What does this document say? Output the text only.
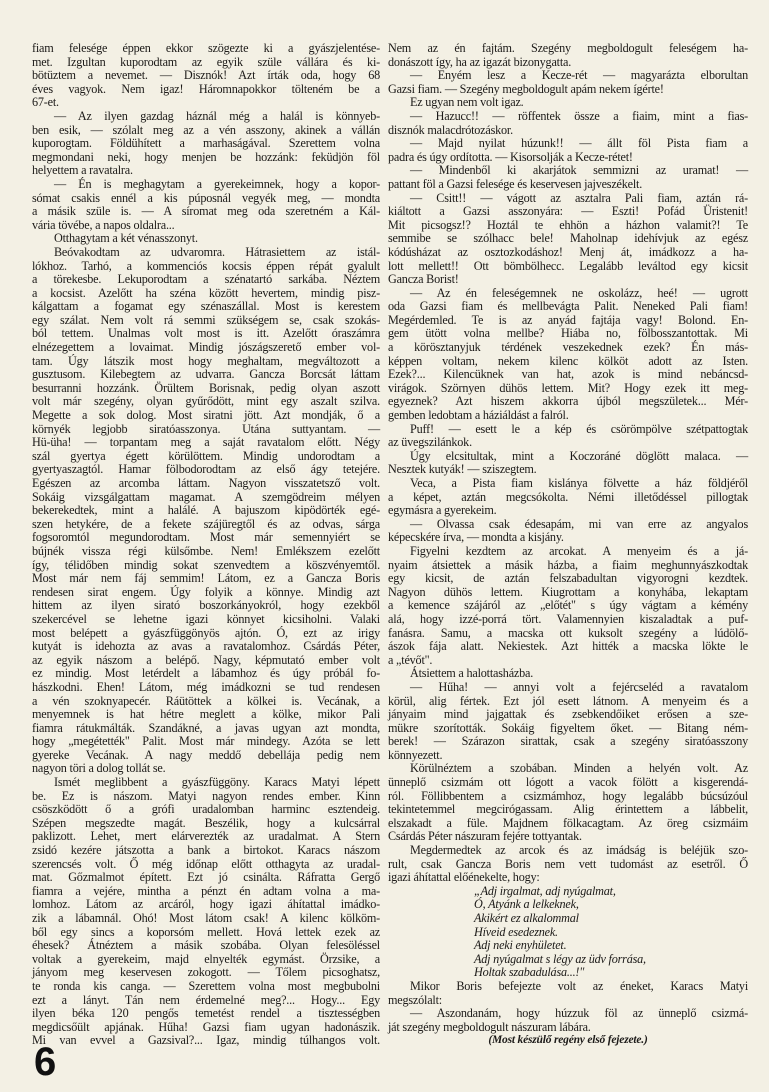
fiam felesége éppen ekkor szögezte ki a gyászjelentése-
met. Izgultan kuporodtam az egyik szüle vállára és ki-
bötüztem a nevemet. — Disznók! Azt írták oda, hogy 68
éves vagyok. Nem igaz! Háromnapokkor tölteném be a
67-et.
— Az ilyen gazdag háznál még a halál is könnyeb-
ben esik, — szólalt meg az a vén asszony, akinek a vállán
kuporogtam. Földühített a marhaságával. Szerettem volna
megmondani neki, hogy menjen be hozzánk: feküdjön föl
helyettem a ravatalra.
— Én is meghagytam a gyerekeimnek, hogy a kopor-
sómat csakis ennél a kis púposnál vegyék meg, — mondta
a másik szüle is. — A síromat meg oda szeretném a Kál-
vária tövébe, a napos oldalra...
Otthagytam a két vénasszonyt.
Beóvakodtam az udvaromra. Hátrasiettem az istál-
lókhoz. Tarhó, a kommenciós kocsis éppen répát gyalult
a törekesbe. Lekuporodtam a szénatartó sarkába. Néztem
a kocsist. Azelőtt ha széna között hevertem, mindig pisz-
kálgattam a fogamat egy szénaszállal. Most is kerestem
egy szálat. Nem volt rá semmi szükségem se, csak szokás-
ból tettem. Unalmas volt most is itt. Azelőtt óraszámra
elnézegettem a lovaimat. Mindig jószágszerető ember vol-
tam. Úgy látszik most hogy meghaltam, megváltozott a
gusztusom. Kilebegtem az udvarra. Gancza Borcsát láttam
besurranni hozzánk. Örültem Borisnak, pedig olyan aszott
volt már szegény, olyan gyűrődött, mint egy aszalt szilva.
Megette a sok dolog. Most siratni jött. Azt mondják, ő a
környék legjobb siratóasszonya. Utána suttyantam. —
Hü-üha! — torpantam meg a saját ravatalom előtt. Négy
szál gyertya égett körülöttem. Mindig undorodtam a
gyertyaszagtól. Hamar fölbodorodtam az első ágy tetejére.
Egészen az arcomba láttam. Nagyon visszatetsző volt.
Sokáig vizsgálgattam magamat. A szemgödreim mélyen
bekerekedtek, mint a halálé. A bajuszom kipödörték egé-
szen hetykére, de a fekete szájüregtől és az odvas, sárga
fogsoromtól megundorodtam. Most már semennyiért se
bújnék vissza régi külsőmbe. Nem! Emlékszem ezelőtt
így, télidőben mindig sokat szenvedtem a köszvényemtől.
Most már nem fáj semmim! Látom, ez a Gancza Boris
rendesen sirat engem. Úgy folyik a könnye. Mindig azt
hittem az ilyen sirató boszorkányokról, hogy ezekből
szekercével se lehetne igazi könnyet kicsiholni. Valaki
most belépett a gyászfüggönyös ajtón. Ó, ezt az irigy
kutyát is idehozta az avas a ravatalomhoz. Csárdás Péter,
az egyik nászom a belépő. Nagy, képmutató ember volt
ez mindig. Most letérdelt a lábamhoz és úgy próbál fo-
hászkodni. Ehen! Látom, még imádkozni se tud rendesen
a vén szoknyapecér. Ráütöttek a kölkei is. Vecának, a
menyemnek is hat hétre meglett a kölke, mikor Pali
fiamra rátukmálták. Szandákné, a javas ugyan azt mondta,
hogy „megétették" Palit. Most már mindegy. Azóta se lett
gyereke Vecának. A nagy meddő debellája pedig nem
nagyon töri a dolog tollát se.
Ismét meglibbent a gyászfüggöny. Karacs Matyi lépett
be. Ez is nászom. Matyi nagyon rendes ember. Kinn
csöszködött ő a grófi uradalomban harminc esztendeig.
Szépen megszedte magát. Beszélik, hogy a kulcsárral
paklizott. Lehet, mert elárverezték az uradalmat. A Stern
zsidó kezére játszotta a bank a birtokot. Karacs nászom
szerencsés volt. Ő még időnap előtt otthagyta az uradal-
mat. Gőzmalmot épített. Ezt jó csinálta. Ráfratta Gergő
fiamra a vejére, mintha a pénzt én adtam volna a ma-
lomhoz. Látom az arcáról, hogy igazi áhítattal imádko-
zik a lábamnál. Ohó! Most látom csak! A kilenc kölköm-
ből egy sincs a koporsóm mellett. Hová lettek ezek az
éhesek? Átnéztem a másik szobába. Olyan felesöléssel
voltak a gyerekeim, majd elnyelték egymást. Örzsike, a
jányom meg keservesen zokogott. — Tőlem picsoghatsz,
te ronda kis canga. — Szerettem volna most megbubolni
ezt a lányt. Tán nem érdemelné meg?... Hogy... Egy
ilyen béka 120 pengős temetést rendel a tisztességben
megdicsőült apjának. Hűha! Gazsi fiam ugyan hadonászik.
Mi van evvel a Gazsival?... Igaz, mindig túlhangos volt.
Nem az én fajtám. Szegény megboldogult feleségem ha-
donászott így, ha az igazát bizonygatta.
— Enyém lesz a Kecze-rét — magyarázta elborultan
Gazsi fiam. — Szegény megboldogult apám nekem ígérte!
Ez ugyan nem volt igaz.
— Hazucc!! — röffentek össze a fiaim, mint a fias-
disznók malacdrótozáskor.
— Majd nyilat húzunk!! — állt föl Pista fiam a
padra és úgy ordította. — Kisorsolják a Kecze-rétet!
— Mindenből ki akarjátok semmizni az uramat! —
pattant föl a Gazsi felesége és keservesen jajveszékelt.
— Csitt!! — vágott az asztalra Pali fiam, aztán rá-
kiáltott a Gazsi asszonyára: — Eszti! Pofád Üristenit!
Mit picsogsz!? Hoztál te ehhön a házhon valamit?! Te
semmibe se szólhacc bele! Maholnap idehívjuk az egész
kódúsházat az osztozkodáshoz! Menj át, imádkozz a ha-
lott mellett!! Ott bömbölhecc. Legalább leváltod egy kicsit
Gancza Borist!
— Az én feleségemnek ne oskolázz, heé! — ugrott
oda Gazsi fiam és mellbevágta Palit. Neneked Pali fiam!
Megérdemled. Te is az anyád fajtája vagy! Bolond. En-
gem ütött volna mellbe? Hiába no, fölbosszantottak. Mi
a körösztanyjuk térdének veszekednek ezek? Én más-
képpen voltam, nekem kilenc kölköt adott az Isten.
Ezek?... Kilencüknek van hat, azok is mind nebáncsd-
virágok. Szörnyen dühös lettem. Mit? Hogy ezek itt meg-
egyeznek? Azt hiszem akkorra újból megszületek... Mér-
gemben ledobtam a háziáldást a falról.
Puff! — esett le a kép és csörömpölve szétpattogtak
az üvegszilánkok.
Úgy elcsitultak, mint a Koczoráné döglött malaca. —
Nesztek kutyák! — sziszegtem.
Veca, a Pista fiam kislánya fölvette a ház földjéről
a képet, aztán megcsókolta. Némi illetődéssel pillogtak
egymásra a gyerekeim.
— Olvassa csak édesapám, mi van erre az angyalos
képecskére írva, — mondta a kisjány.
Figyelni kezdtem az arcokat. A menyeim és a já-
nyaim átsiettek a másik házba, a fiaim meghunnyászkodtak
egy kicsit, de aztán felszabadultan vigyorogni kezdtek.
Nagyon dühös lettem. Kiugrottam a konyhába, lekaptam
a kemence szájáról az „előtét" s úgy vágtam a kémény
alá, hogy izzé-porrá tört. Valamennyien kiszaladtak a puf-
fanásra. Samu, a macska ott kuksolt szegény a lúdölő-
ászok fája alatt. Nekiestek. Azt hitték a macska lökte le
a „tévőt".
Átsiettem a halottasházba.
— Hűha! — annyi volt a fejércseléd a ravatalom
körül, alig fértek. Ezt jól esett látnom. A menyeim és a
jányaim mind jajgattak és zsebkendőiket erősen a sze-
mükre szorították. Sokáig figyeltem őket. — Bitang ném-
berek! — Szárazon sirattak, csak a szegény siratóasszony
könnyezett.
Körülnéztem a szobában. Minden a helyén volt. Az
ünneplő csizmám ott lógott a vacok fölött a kisgerendá-
ról. Föllibbentem a csizmámhoz, hogy legalább búcsúzóul
tekintetemmel megcirógassam. Alig érintettem a lábbelit,
elszakadt a füle. Majdnem fölkacagtam. Az öreg csizmáim
Csárdás Péter nászuram fejére tottyantak.
Megdermedtek az arcok és az imádság is beléjük szo-
rult, csak Gancza Boris nem vett tudomást az esetről. Ő
igazi áhítattal előénekelte, hogy:
„Adj irgalmat, adj nyúgalmat,
Ó, Atyánk a lelkeknek,
Akikért ez alkalommal
Híveid esedeznek.
Adj neki enyhületet.
Adj nyúgalmat s légy az üdv forrása,
Holtak szabadulása...!"
Mikor Boris befejezte volt az éneket, Karacs Matyi
megszólalt:
— Aszondanám, hogy húzzuk föl az ünneplő csizmá-
ját szegény megboldogult nászuram lábára.
(Most készülő regény első fejezete.)
6
